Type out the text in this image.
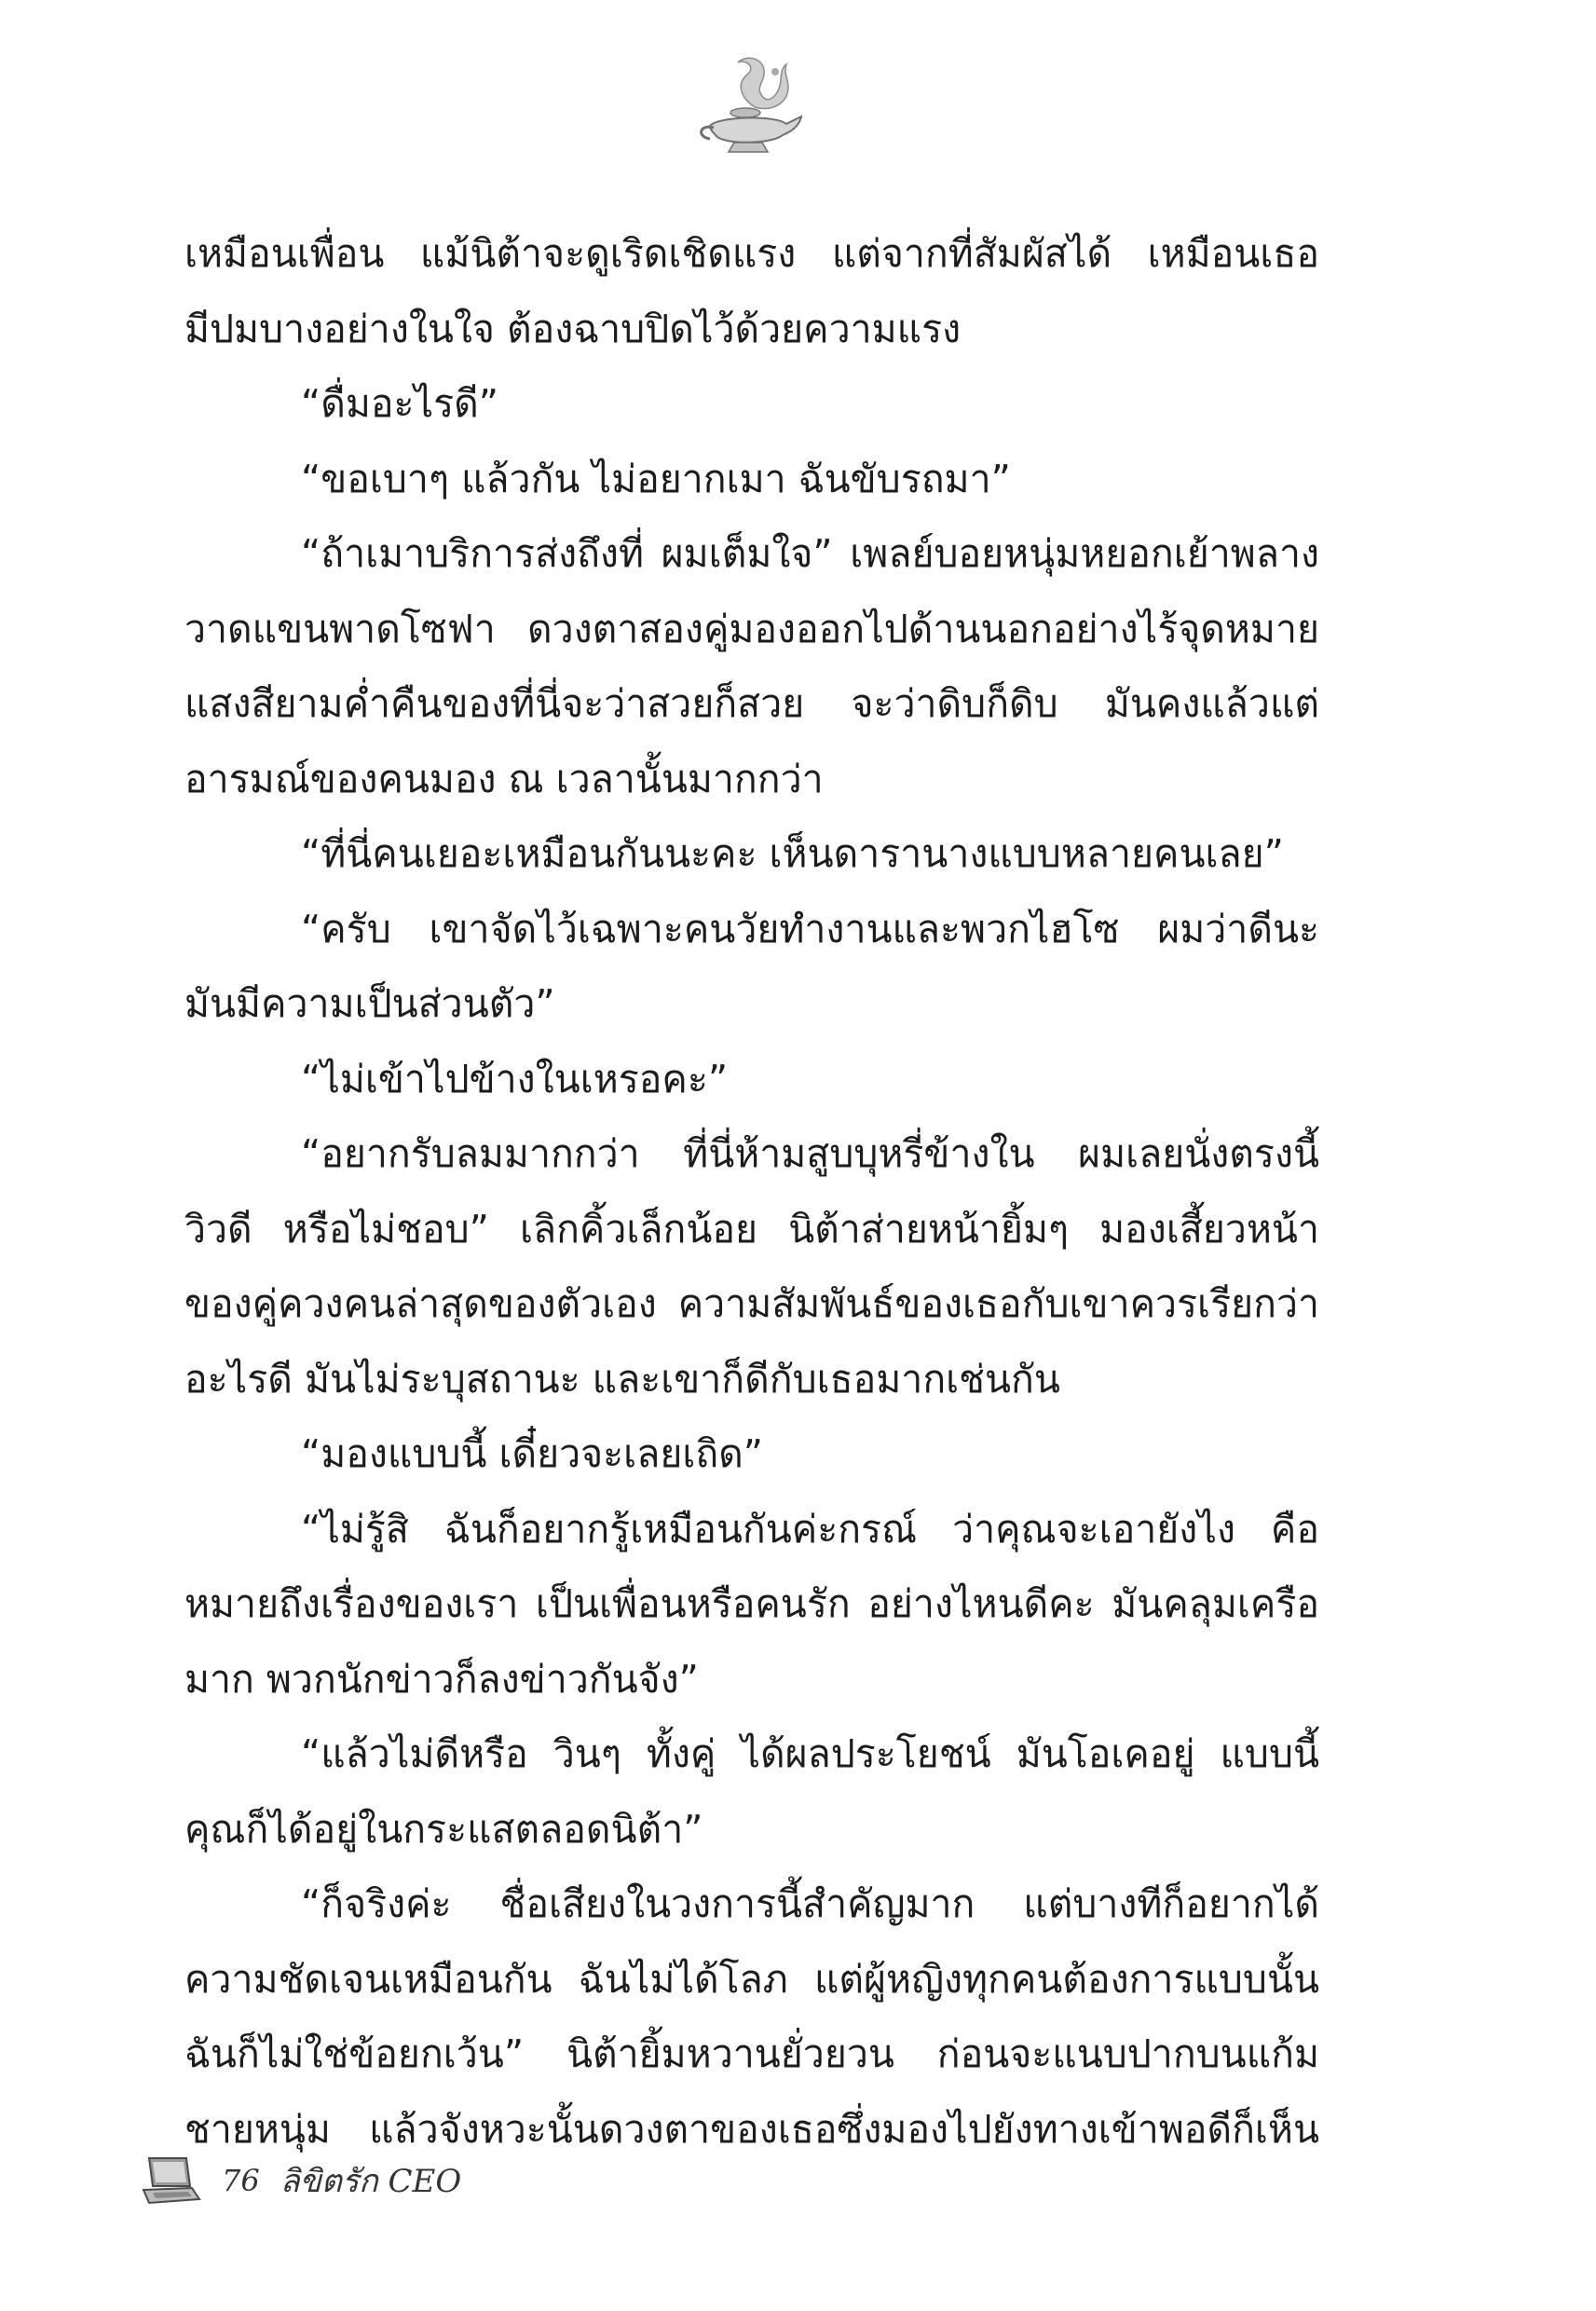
เหมือนเพื่อน แม้นิต้าจะดูเริดเชิดแรง แต่จากที่สัมผัสได้ เหมือนเธอ
มีปมบางอย่างในใจ ต้องฉาบปิดไว้ด้วยความแรง
“ดื่มอะไรดี”
“ขอเบาๆ แล้วกัน ไม่อยากเมา ฉันขับรถมา”
“ถ้าเมาบริการส่งถึงที่ ผมเต็มใจ” เพลย์บอยหนุ่มหยอกเย้าพลาง
วาดแขนพาดโซฟา ดวงตาสองคู่มองออกไปด้านนอกอย่างไร้จุดหมาย
แสงสียามค่ำคืนของที่นี่จะว่าสวยก็สวย จะว่าดิบก็ดิบ มันคงแล้วแต่
อารมณ์ของคนมอง ณ เวลานั้นมากกว่า
“ที่นี่คนเยอะเหมือนกันนะคะ เห็นดารานางแบบหลายคนเลย”
“ครับ เขาจัดไว้เฉพาะคนวัยทำงานและพวกไฮโซ ผมว่าดีนะ
มันมีความเป็นส่วนตัว”
“ไม่เข้าไปข้างในเหรอคะ”
“อยากรับลมมากกว่า ที่นี่ห้ามสูบบุหรี่ข้างใน ผมเลยนั่งตรงนี้
วิวดี หรือไม่ชอบ” เลิกคิ้วเล็กน้อย นิต้าส่ายหน้ายิ้มๆ มองเสี้ยวหน้า
ของคู่ควงคนล่าสุดของตัวเอง ความสัมพันธ์ของเธอกับเขาควรเรียกว่า
อะไรดี มันไม่ระบุสถานะ และเขาก็ดีกับเธอมากเช่นกัน
“มองแบบนี้ เดี๋ยวจะเลยเถิด”
“ไม่รู้สิ ฉันก็อยากรู้เหมือนกันค่ะกรณ์ ว่าคุณจะเอายังไง คือ
หมายถึงเรื่องของเรา เป็นเพื่อนหรือคนรัก อย่างไหนดีคะ มันคลุมเครือ
มาก พวกนักข่าวก็ลงข่าวกันจัง”
“แล้วไม่ดีหรือ วินๆ ทั้งคู่ ได้ผลประโยชน์ มันโอเคอยู่ แบบนี้
คุณก็ได้อยู่ในกระแสตลอดนิต้า”
“ก็จริงค่ะ ชื่อเสียงในวงการนี้สำคัญมาก แต่บางทีก็อยากได้
ความชัดเจนเหมือนกัน ฉันไม่ได้โลภ แต่ผู้หญิงทุกคนต้องการแบบนั้น
ฉันก็ไม่ใช่ข้อยกเว้น” นิต้ายิ้มหวานยั่วยวน ก่อนจะแนบปากบนแก้ม
ชายหนุ่ม แล้วจังหวะนั้นดวงตาของเธอซึ่งมองไปยังทางเข้าพอดีก็เห็น
76 ลิขิตรัก CEO
